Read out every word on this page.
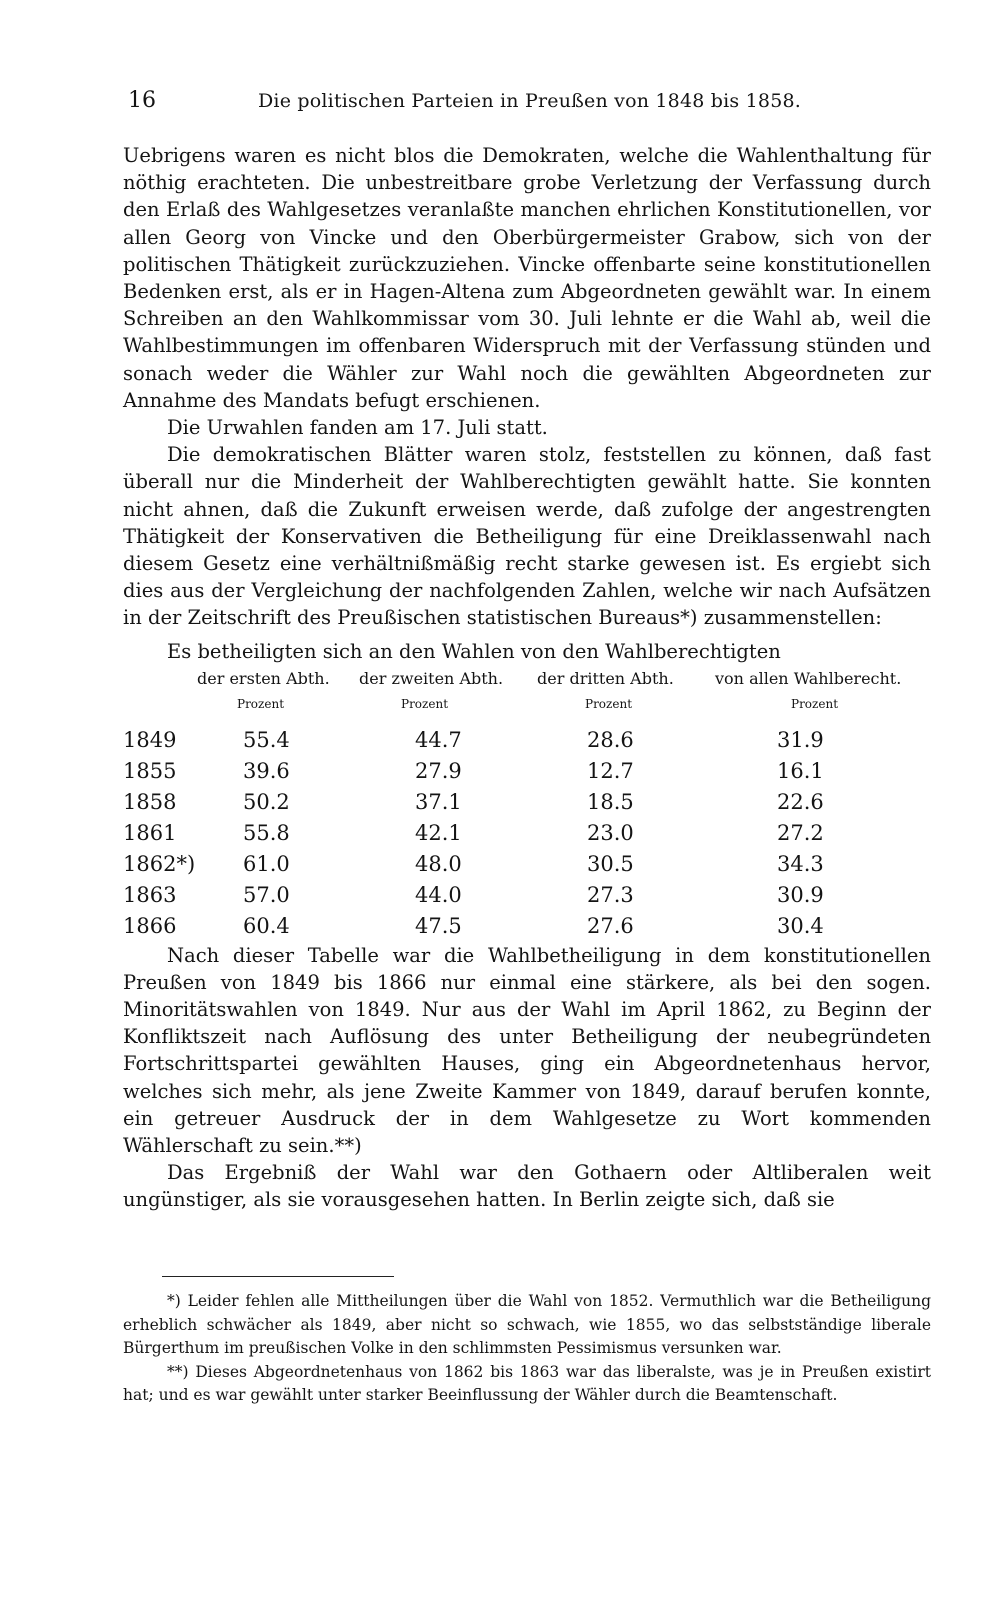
16	Die politischen Parteien in Preußen von 1848 bis 1858.

Uebrigens waren es nicht blos die Demokraten, welche die Wahlenthaltung für nöthig erachteten. Die unbestreitbare grobe Verletzung der Verfassung durch den Erlaß des Wahlgesetzes veranlaßte manchen ehrlichen Konstitutionellen, vor allen Georg von Vincke und den Oberbürgermeister Grabow, sich von der politischen Thätigkeit zurückzuziehen. Vincke offenbarte seine konstitutionellen Bedenken erst, als er in Hagen-Altena zum Abgeordneten gewählt war. In einem Schreiben an den Wahlkommissar vom 30. Juli lehnte er die Wahl ab, weil die Wahlbestimmungen im offenbaren Widerspruch mit der Verfassung stünden und sonach weder die Wähler zur Wahl noch die gewählten Abgeordneten zur Annahme des Mandats befugt erschienen.

Die Urwahlen fanden am 17. Juli statt.

Die demokratischen Blätter waren stolz, feststellen zu können, daß fast überall nur die Minderheit der Wahlberechtigten gewählt hatte. Sie konnten nicht ahnen, daß die Zukunft erweisen werde, daß zufolge der angestrengten Thätigkeit der Konservativen die Betheiligung für eine Dreiklassenwahl nach diesem Gesetz eine verhältnißmäßig recht starke gewesen ist. Es ergiebt sich dies aus der Vergleichung der nachfolgenden Zahlen, welche wir nach Aufsätzen in der Zeitschrift des Preußischen statistischen Bureaus*) zusammenstellen:

Es betheiligten sich an den Wahlen von den Wahlberechtigten
der ersten Abth. der zweiten Abth. der dritten Abth.	von allen Wahlberecht.
Prozent	Prozent	Prozent	Prozent
1849	55.4	44.7	28.6	31.9
1855	39.6	27.9	12.7	16.1
1858	50.2	37.1	18.5	22.6
1861	55.8	42.1	23.0	27.2
1862*)	61.0	48.0	30.5	34.3
1863	57.0	44.0	27.3	30.9
1866	60.4	47.5	27.6	30.4

Nach dieser Tabelle war die Wahlbetheiligung in dem konstitutionellen Preußen von 1849 bis 1866 nur einmal eine stärkere, als bei den sogen. Minoritätswahlen von 1849. Nur aus der Wahl im April 1862, zu Beginn der Konfliktszeit nach Auflösung des unter Betheiligung der neubegründeten Fortschrittspartei gewählten Hauses, ging ein Abgeordnetenhaus hervor, welches sich mehr, als jene Zweite Kammer von 1849, darauf berufen konnte, ein getreuer Ausdruck der in dem Wahlgesetze zu Wort kommenden Wählerschaft zu sein.**)

Das Ergebniß der Wahl war den Gothaern oder Altliberalen weit ungünstiger, als sie vorausgesehen hatten. In Berlin zeigte sich, daß sie

*) Leider fehlen alle Mittheilungen über die Wahl von 1852. Vermuthlich war die Betheiligung erheblich schwächer als 1849, aber nicht so schwach, wie 1855, wo das selbstständige liberale Bürgerthum im preußischen Volke in den schlimmsten Pessimismus versunken war.

**) Dieses Abgeordnetenhaus von 1862 bis 1863 war das liberalste, was je in Preußen existirt hat; und es war gewählt unter starker Beeinflussung der Wähler durch die Beamtenschaft.
